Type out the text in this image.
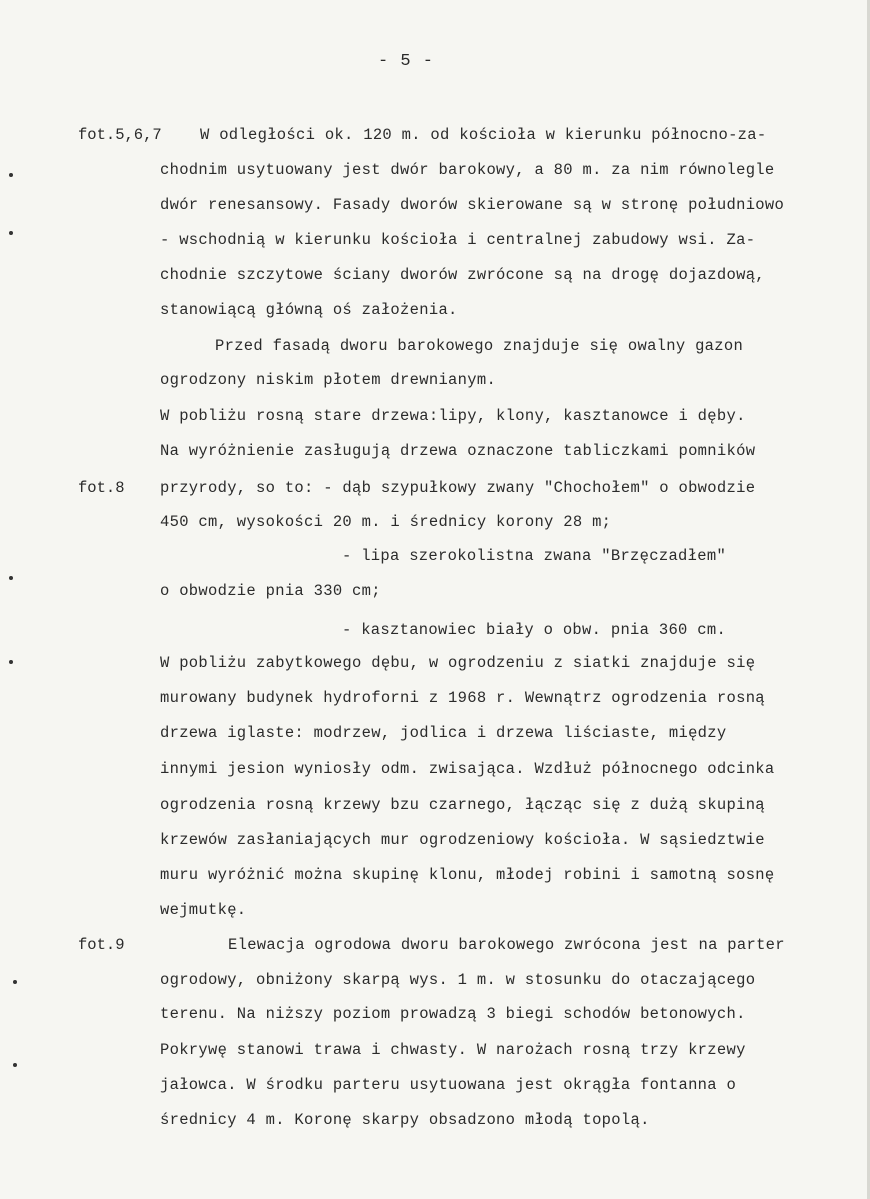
- 5 -
fot.5,6,7
fot.8
fot.9
W odległości ok. 120 m. od kościoła w kierunku północno-za-
chodnim usytuowany jest dwór barokowy, a 80 m. za nim równolegle
dwór renesansowy. Fasady dworów skierowane są w stronę południowo
- wschodnią w kierunku kościoła i centralnej zabudowy wsi. Za-
chodnie szczytowe ściany dworów zwrócone są na drogę dojazdową,
stanowiącą główną oś założenia.
Przed fasadą dworu barokowego znajduje się owalny gazon
ogrodzony niskim płotem drewnianym.
W pobliżu rosną stare drzewa:lipy, klony, kasztanowce i dęby.
Na wyróżnienie zasługują drzewa oznaczone tabliczkami pomników
przyrody, so to: - dąb szypułkowy zwany "Chochołem" o obwodzie
450 cm, wysokości 20 m. i średnicy korony 28 m;
- lipa szerokolistna zwana "Brzęczadłem"
o obwodzie pnia 330 cm;
- kasztanowiec biały o obw. pnia 360 cm.
W pobliżu zabytkowego dębu, w ogrodzeniu z siatki znajduje się
murowany budynek hydroforni z 1968 r. Wewnątrz ogrodzenia rosną
drzewa iglaste: modrzew, jodlica i drzewa liściaste, między
innymi jesion wyniosły odm. zwisająca. Wzdłuż północnego odcinka
ogrodzenia rosną krzewy bzu czarnego, łącząc się z dużą skupiną
krzewów zasłaniających mur ogrodzeniowy kościoła. W sąsiedztwie
muru wyróżnić można skupinę klonu, młodej robini i samotną sosnę
wejmutkę.
Elewacja ogrodowa dworu barokowego zwrócona jest na parter
ogrodowy, obniżony skarpą wys. 1 m. w stosunku do otaczającego
terenu. Na niższy poziom prowadzą 3 biegi schodów betonowych.
Pokrywę stanowi trawa i chwasty. W narożach rosną trzy krzewy
jałowca. W środku parteru usytuowana jest okrągła fontanna o
średnicy 4 m. Koronę skarpy obsadzono młodą topolą.
